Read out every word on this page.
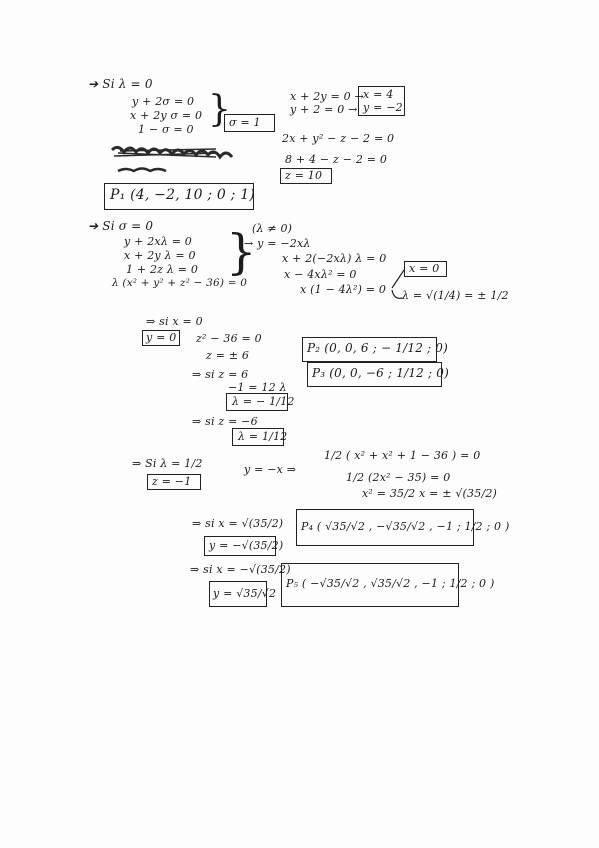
➔ Si λ = 0
y + 2σ = 0
x + 2y σ = 0
1 − σ = 0 }
σ = 1
x + 2y = 0 →
y + 2 = 0 →
x = 4
y = −2
2x + y² − z − 2 = 0
8 + 4 − z − 2 = 0
z = 10
P₁ (4, −2, 10 ; 0 ; 1)
➔ Si σ = 0
y + 2xλ = 0
x + 2y λ = 0
1 + 2z λ = 0
λ (x² + y² + z² − 36) = 0
}
(λ ≠ 0)
→ y = −2xλ
x + 2(−2xλ) λ = 0
x − 4xλ² = 0
x (1 − 4λ²) = 0
x = 0
λ = √(1/4) = ± 1/2
⇒ si x = 0
y = 0 z² − 36 = 0
z = ± 6
⇒ si z = 6
−1 = 12 λ
λ = − 1/12
⇒ si z = −6
λ = 1/12
P₂ (0, 0, 6 ; − 1/12 ; 0)
P₃ (0, 0, −6 ; 1/12 ; 0)
⇒ Si λ = 1/2
z = −1
y = −x ⇒
1/2 ( x² + x² + 1 − 36 ) = 0
1/2 (2x² − 35) = 0
x² = 35/2 x = ± √(35/2)
⇒ si x = √(35/2)
y = −√(35/2)
P₄ ( √35/√2 , −√35/√2 , −1 ; 1/2 ; 0 )
⇒ si x = −√(35/2)
y = √35/√2
P₅ ( −√35/√2 , √35/√2 , −1 ; 1/2 ; 0 )
